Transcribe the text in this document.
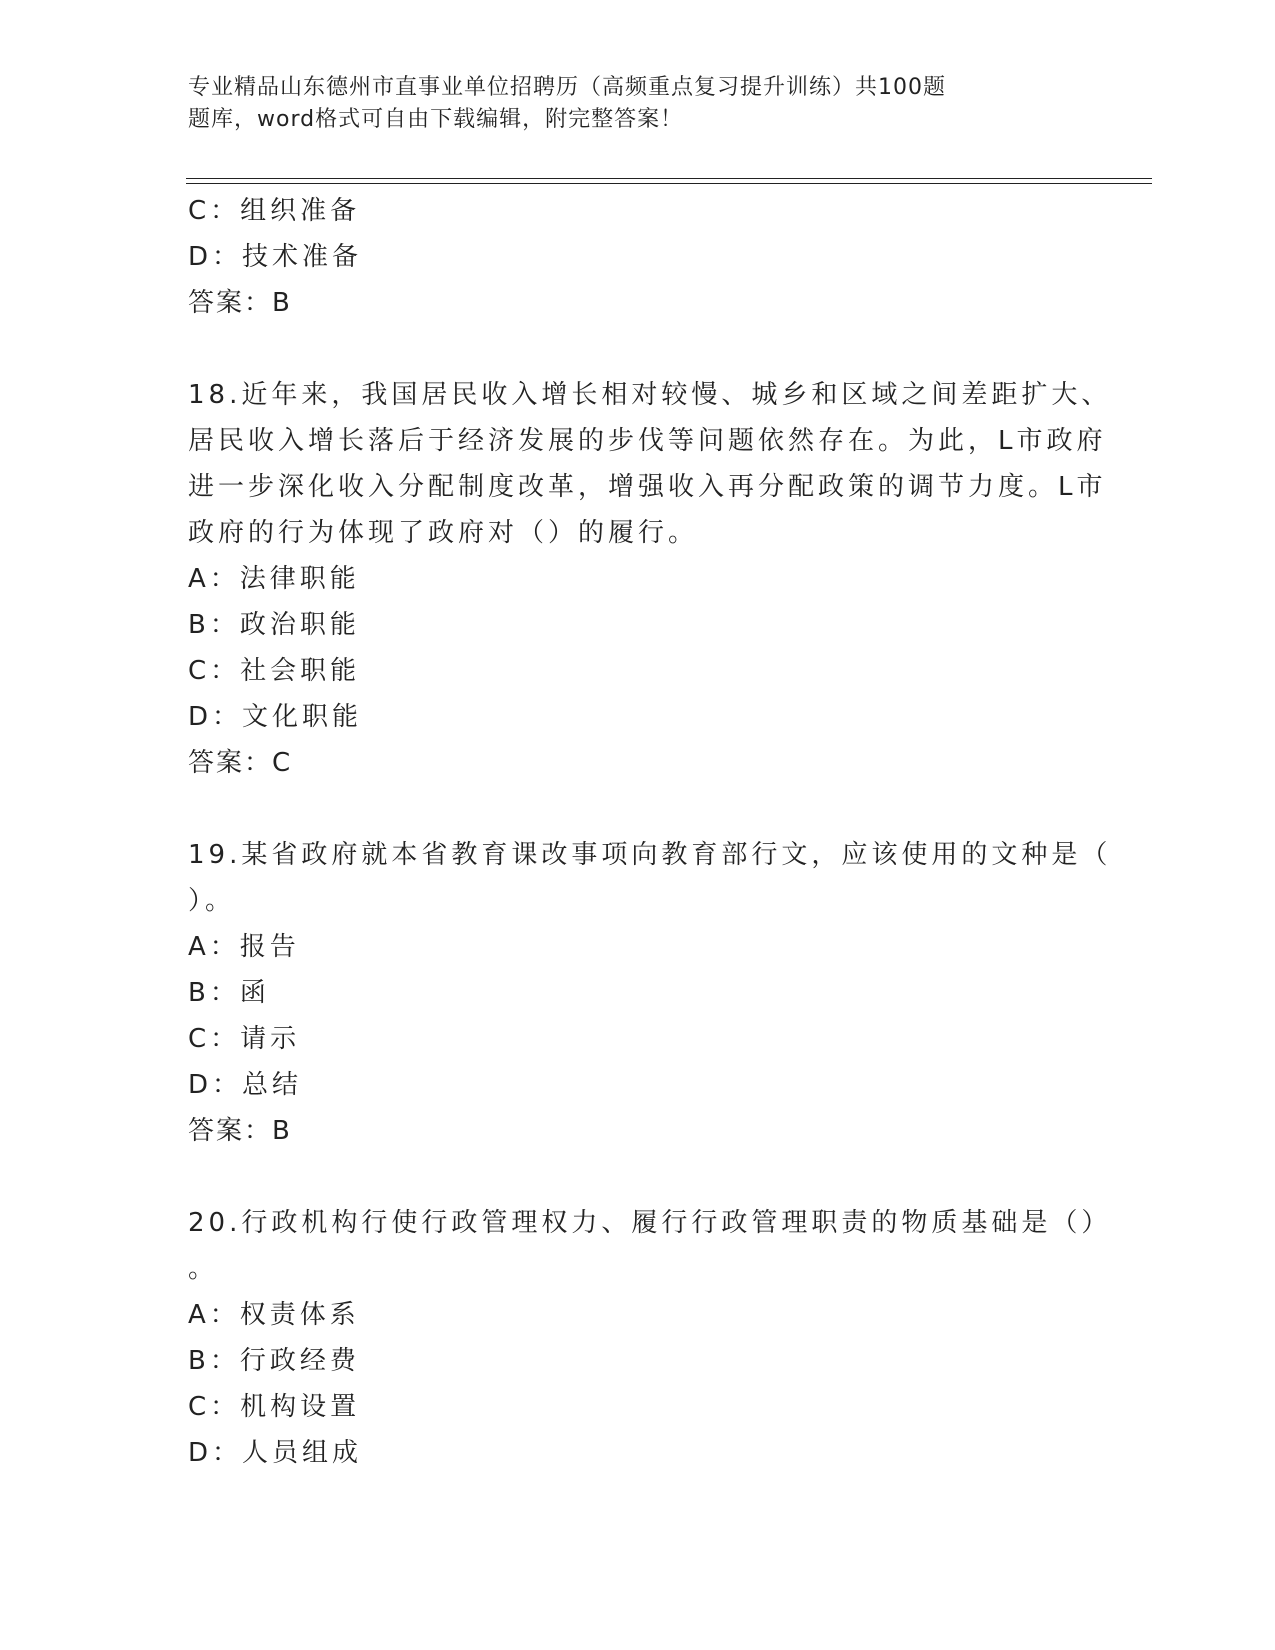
专业精品山东德州市直事业单位招聘历（高频重点复习提升训练）共100题
题库，word格式可自由下载编辑，附完整答案！
C：组织准备
D：技术准备
答案：B
18.近年来，我国居民收入增长相对较慢、城乡和区域之间差距扩大、
居民收入增长落后于经济发展的步伐等问题依然存在。为此，L市政府
进一步深化收入分配制度改革，增强收入再分配政策的调节力度。L市
政府的行为体现了政府对（）的履行。
A：法律职能
B：政治职能
C：社会职能
D：文化职能
答案：C
19.某省政府就本省教育课改事项向教育部行文，应该使用的文种是（
）。
A：报告
B：函
C：请示
D：总结
答案：B
20.行政机构行使行政管理权力、履行行政管理职责的物质基础是（）
。
A：权责体系
B：行政经费
C：机构设置
D：人员组成
